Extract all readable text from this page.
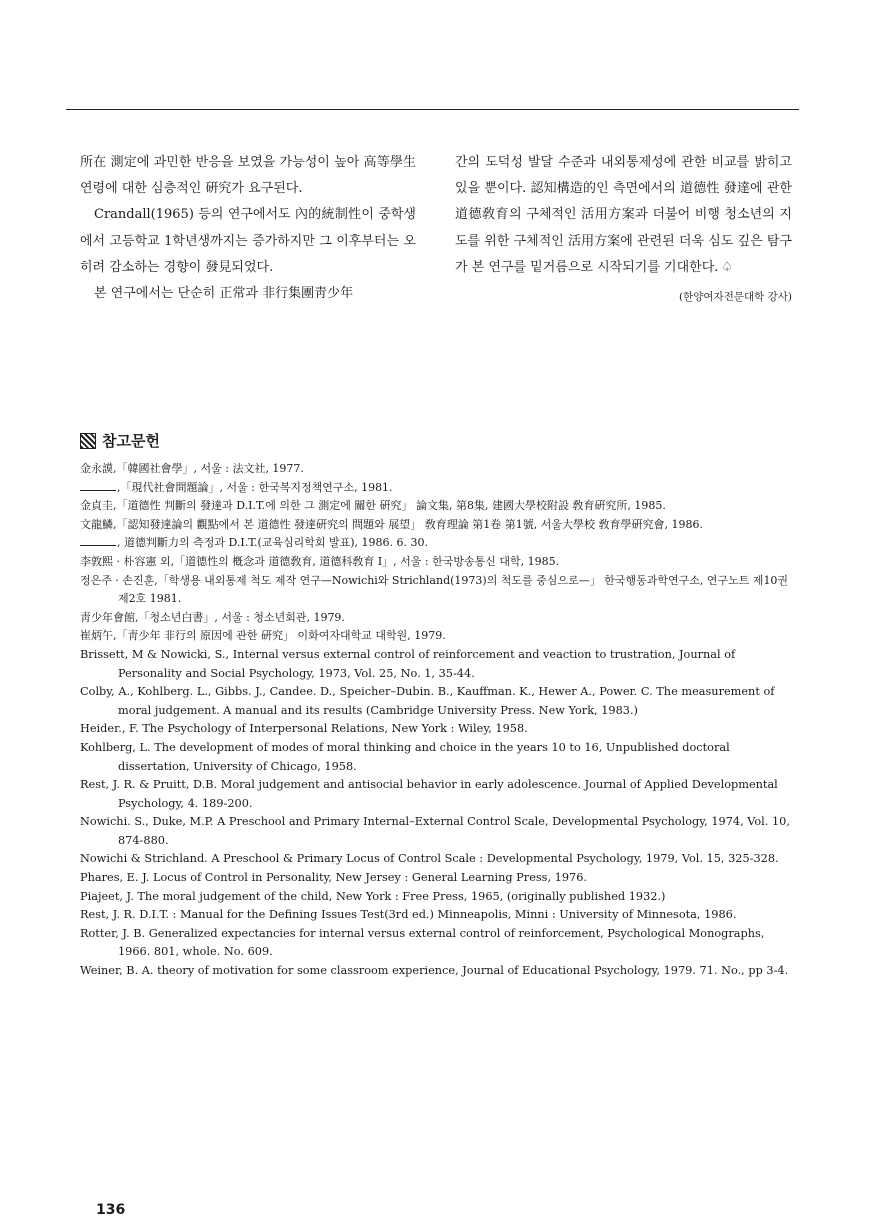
所在 測定에 과민한 반응을 보였을 가능성이 높아 高等學生 연령에 대한 심층적인 硏究가 요구된다.

Crandall(1965) 등의 연구에서도 內的統制性이 중학생에서 고등학교 1학년생까지는 증가하지만 그 이후부터는 오히려 감소하는 경향이 發見되었다.

본 연구에서는 단순히 正常과 非行集團靑少年

간의 도덕성 발달 수준과 내외통제성에 관한 비교를 밝히고 있을 뿐이다. 認知構造的인 측면에서의 道德性 發達에 관한 道德敎育의 구체적인 活用方案과 더불어 비행 청소년의 지도를 위한 구체적인 活用方案에 관련된 더욱 심도 깊은 탐구가 본 연구를 밑거름으로 시작되기를 기대한다. ♤

(한양여자전문대학 강사)

참고문헌

金永謨,「韓國社會學」, 서울 : 法文社, 1977.

,「現代社會問題論」, 서울 : 한국복지정책연구소, 1981.

金貞圭,「道德性 判斷의 發達과 D.I.T.에 의한 그 測定에 關한 硏究」 論文集, 第8集, 建國大學校附設 敎育硏究所, 1985.

文龍鱗,「認知發達論의 觀點에서 본 道德性 發達硏究의 問題와 展望」 敎育理論 第1卷 第1號, 서울大學校 敎育學硏究會, 1986.

, 道德判斷力의 측정과 D.I.T.(교육심리학회 발표), 1986. 6. 30.

李敦熙 · 朴容憲 외,「道德性의 槪念과 道德敎育, 道德科敎育 Ⅰ」, 서울 : 한국방송통신 대학, 1985.

정은주 · 손진훈,「학생용 내외통제 척도 제작 연구—Nowichi와 Strichland(1973)의 척도를 중심으로—」 한국행동과학연구소, 연구노트 제10권 제2호 1981.

靑少年會館,「청소년白書」, 서울 : 청소년회관, 1979.

崔炳午,「靑少年 非行의 原因에 관한 硏究」 이화여자대학교 대학원, 1979.

Brissett, M & Nowicki, S., Internal versus external control of reinforcement and veaction to trustration, Journal of Personality and Social Psychology, 1973, Vol. 25, No. 1, 35-44.

Colby, A., Kohlberg. L., Gibbs. J., Candee. D., Speicher–Dubin. B., Kauffman. K., Hewer A., Power. C. The measurement of moral judgement. A manual and its results (Cambridge University Press. New York, 1983.)

Heider., F. The Psychology of Interpersonal Relations, New York : Wiley, 1958.

Kohlberg, L. The development of modes of moral thinking and choice in the years 10 to 16, Unpublished doctoral dissertation, University of Chicago, 1958.

Rest, J. R. & Pruitt, D.B. Moral judgement and antisocial behavior in early adolescence. Journal of Applied Developmental Psychology, 4. 189-200.

Nowichi. S., Duke, M.P. A Preschool and Primary Internal–External Control Scale, Developmental Psychology, 1974, Vol. 10, 874-880.

Nowichi & Strichland. A Preschool & Primary Locus of Control Scale : Developmental Psychology, 1979, Vol. 15, 325-328.

Phares, E. J. Locus of Control in Personality, New Jersey : General Learning Press, 1976.

Piajeet, J. The moral judgement of the child, New York : Free Press, 1965, (originally published 1932.)

Rest, J. R. D.I.T. : Manual for the Defining Issues Test(3rd ed.) Minneapolis, Minni : University of Minnesota, 1986.

Rotter, J. B. Generalized expectancies for internal versus external control of reinforcement, Psychological Monographs, 1966. 801, whole. No. 609.

Weiner, B. A. theory of motivation for some classroom experience, Journal of Educational Psychology, 1979. 71. No., pp 3-4.

136
